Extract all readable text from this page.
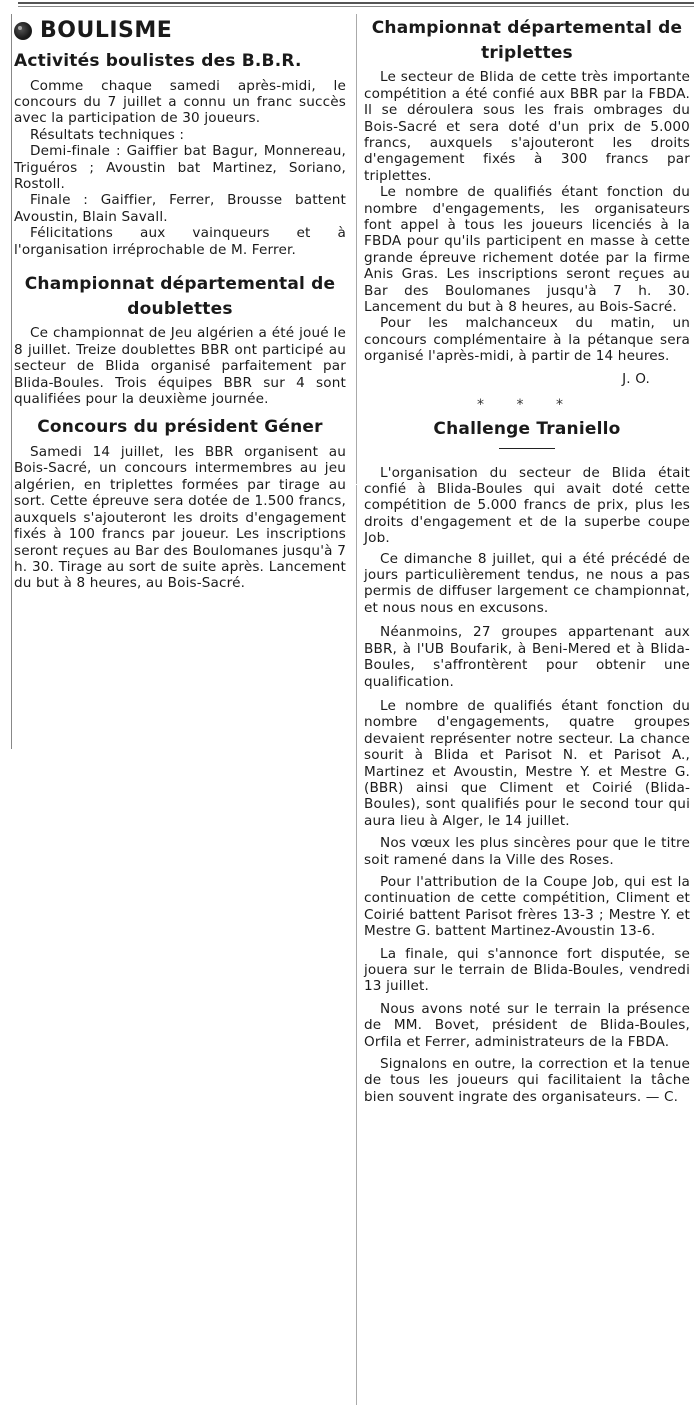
BOULISME
Activités boulistes des B.B.R.

Comme chaque samedi après-midi, le concours du 7 juillet a connu un franc succès avec la participation de 30 joueurs.

Résultats techniques :

Demi-finale : Gaiffier bat Bagur, Monnereau, Triguéros ; Avoustin bat Martinez, Soriano, Rostoll.

Finale : Gaiffier, Ferrer, Brousse battent Avoustin, Blain Savall.

Félicitations aux vainqueurs et à l'organisation irréprochable de M. Ferrer.

Championnat départemental de doublettes

Ce championnat de Jeu algérien a été joué le 8 juillet. Treize doublettes BBR ont participé au secteur de Blida organisé parfaitement par Blida-Boules. Trois équipes BBR sur 4 sont qualifiées pour la deuxième journée.

Concours du président Géner

Samedi 14 juillet, les BBR organisent au Bois-Sacré, un concours intermembres au jeu algérien, en triplettes formées par tirage au sort. Cette épreuve sera dotée de 1.500 francs, auxquels s'ajouteront les droits d'engagement fixés à 100 francs par joueur. Les inscriptions seront reçues au Bar des Boulomanes jusqu'à 7 h. 30. Tirage au sort de suite après. Lancement du but à 8 heures, au Bois-Sacré.

Championnat départemental de triplettes

Le secteur de Blida de cette très importante compétition a été confié aux BBR par la FBDA. Il se déroulera sous les frais ombrages du Bois-Sacré et sera doté d'un prix de 5.000 francs, auxquels s'ajouteront les droits d'engagement fixés à 300 francs par triplettes.

Le nombre de qualifiés étant fonction du nombre d'engagements, les organisateurs font appel à tous les joueurs licenciés à la FBDA pour qu'ils participent en masse à cette grande épreuve richement dotée par la firme Anis Gras. Les inscriptions seront reçues au Bar des Boulomanes jusqu'à 7 h. 30. Lancement du but à 8 heures, au Bois-Sacré.

Pour les malchanceux du matin, un concours complémentaire à la pétanque sera organisé l'après-midi, à partir de 14 heures.

J. O.

* * *
Challenge Traniello

L'organisation du secteur de Blida était confié à Blida-Boules qui avait doté cette compétition de 5.000 francs de prix, plus les droits d'engagement et de la superbe coupe Job.

Ce dimanche 8 juillet, qui a été précédé de jours particulièrement tendus, ne nous a pas permis de diffuser largement ce championnat, et nous nous en excusons.

Néanmoins, 27 groupes appartenant aux BBR, à l'UB Boufarik, à Beni-Mered et à Blida-Boules, s'affrontèrent pour obtenir une qualification.

Le nombre de qualifiés étant fonction du nombre d'engagements, quatre groupes devaient représenter notre secteur. La chance sourit à Blida et Parisot N. et Parisot A., Martinez et Avoustin, Mestre Y. et Mestre G. (BBR) ainsi que Climent et Coirié (Blida-Boules), sont qualifiés pour le second tour qui aura lieu à Alger, le 14 juillet.

Nos vœux les plus sincères pour que le titre soit ramené dans la Ville des Roses.

Pour l'attribution de la Coupe Job, qui est la continuation de cette compétition, Climent et Coirié battent Parisot frères 13-3 ; Mestre Y. et Mestre G. battent Martinez-Avoustin 13-6.

La finale, qui s'annonce fort disputée, se jouera sur le terrain de Blida-Boules, vendredi 13 juillet.

Nous avons noté sur le terrain la présence de MM. Bovet, président de Blida-Boules, Orfila et Ferrer, administrateurs de la FBDA.

Signalons en outre, la correction et la tenue de tous les joueurs qui facilitaient la tâche bien souvent ingrate des organisateurs. — C.
